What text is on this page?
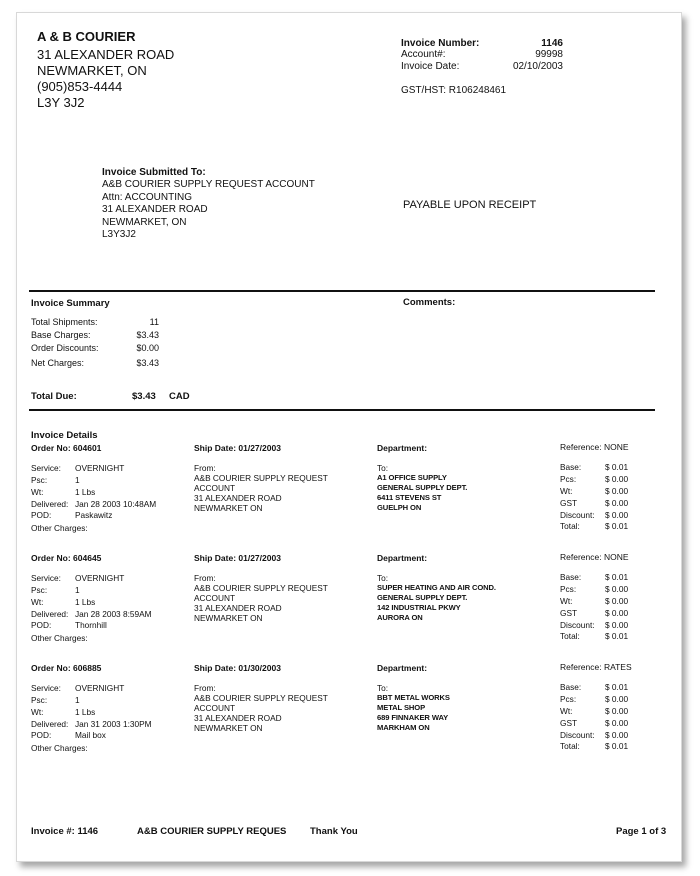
A & B COURIER
31 ALEXANDER ROAD
NEWMARKET, ON
(905)853-4444
L3Y 3J2
Invoice Number:	1146
Account#:	99998
Invoice Date:	02/10/2003
GST/HST: R106248461
Invoice Submitted To:
A&B COURIER SUPPLY REQUEST ACCOUNT
Attn: ACCOUNTING
31 ALEXANDER ROAD
NEWMARKET, ON
L3Y3J2
PAYABLE UPON RECEIPT
Invoice Summary	Comments:
Total Shipments:	11
Base Charges:	$3.43
Order Discounts:	$0.00
Net Charges:	$3.43
Total Due:	$3.43 CAD
Invoice Details
Order No: 604601	Ship Date: 01/27/2003	Department:	Reference: NONE
Service: OVERNIGHT
Psc:	1
Wt:	1 Lbs
Delivered: Jan 28 2003 10:48AM
POD:	Paskawitz
Other Charges:
From:
A&B COURIER SUPPLY REQUEST
ACCOUNT
31 ALEXANDER ROAD
NEWMARKET ON
To:
A1 OFFICE SUPPLY
GENERAL SUPPLY DEPT.
6411 STEVENS ST
GUELPH ON
Base:	$ 0.01
Pcs:	$ 0.00
Wt:	$ 0.00
GST	$ 0.00
Discount: $ 0.00
Total:	$ 0.01
Order No: 604645	Ship Date: 01/27/2003	Department:	Reference: NONE
Service: OVERNIGHT
Psc:	1
Wt:	1 Lbs
Delivered: Jan 28 2003 8:59AM
POD:	Thornhill
Other Charges:
From:
A&B COURIER SUPPLY REQUEST
ACCOUNT
31 ALEXANDER ROAD
NEWMARKET ON
To:
SUPER HEATING AND AIR COND.
GENERAL SUPPLY DEPT.
142 INDUSTRIAL PKWY
AURORA ON
Base:	$ 0.01
Pcs:	$ 0.00
Wt:	$ 0.00
GST	$ 0.00
Discount: $ 0.00
Total:	$ 0.01
Order No: 606885	Ship Date: 01/30/2003	Department:	Reference: RATES
Service: OVERNIGHT
Psc:	1
Wt:	1 Lbs
Delivered: Jan 31 2003 1:30PM
POD:	Mail box
Other Charges:
From:
A&B COURIER SUPPLY REQUEST
ACCOUNT
31 ALEXANDER ROAD
NEWMARKET ON
To:
BBT METAL WORKS
METAL SHOP
689 FINNAKER WAY
MARKHAM ON
Base:	$ 0.01
Pcs:	$ 0.00
Wt:	$ 0.00
GST	$ 0.00
Discount: $ 0.00
Total:	$ 0.01
Invoice #: 1146	A&B COURIER SUPPLY REQUES Thank You	Page 1 of 3
